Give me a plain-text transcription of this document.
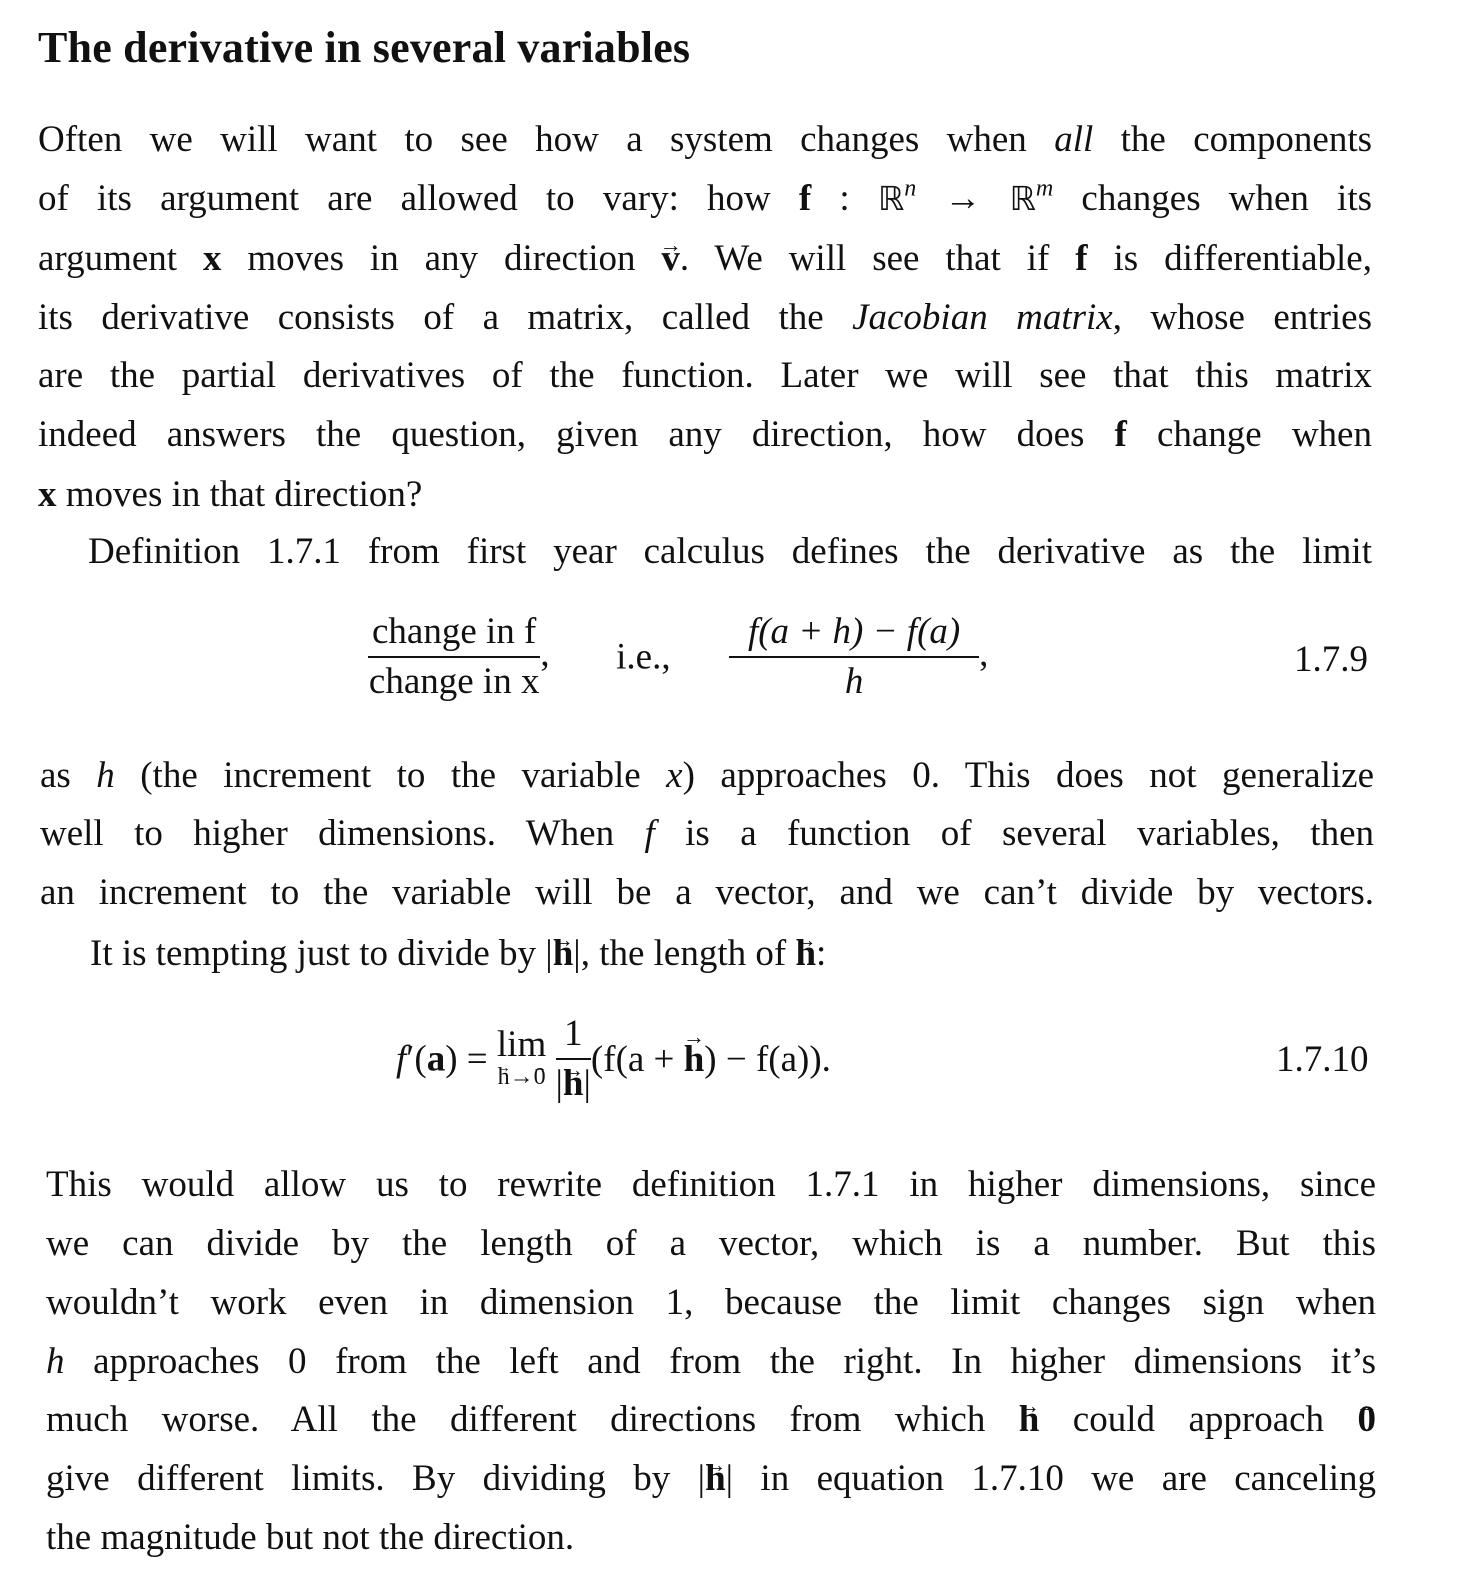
The derivative in several variables
Often we will want to see how a system changes when all the components
of its argument are allowed to vary: how f : ℝ$^n$ → ℝ$^m$ changes when its
argument x moves in any direction → v. We will see that if f is differentiable,
its derivative consists of a matrix, called the Jacobian matrix, whose entries
are the partial derivatives of the function. Later we will see that this matrix
indeed answers the question, given any direction, how does f change when
x moves in that direction?
Definition 1.7.1 from first year calculus defines the derivative as the limit
$\frac{\text{change in f}}{\text{change in x}}$ , i.e., $\frac{f(a + h) - f(a)}{h}$ ,	1.7.9
as h (the increment to the variable x) approaches 0. This does not generalize
well to higher dimensions. When f is a function of several variables, then
an increment to the variable will be a vector, and we can’t divide by vectors.
It is tempting just to divide by |→ h|, the length of → h:
f′(a) = lim
→ h→→ 0
$\frac{1}{|\to h|} (f(a$ + → h) − f(a)).	1.7.10
This would allow us to rewrite definition 1.7.1 in higher dimensions, since
we can divide by the length of a vector, which is a number. But this
wouldn’t work even in dimension 1, because the limit changes sign when
h approaches 0 from the left and from the right. In higher dimensions it’s
much worse. All the different directions from which → h could approach → 0
give different limits. By dividing by |→ h| in equation 1.7.10 we are canceling
the magnitude but not the direction.
